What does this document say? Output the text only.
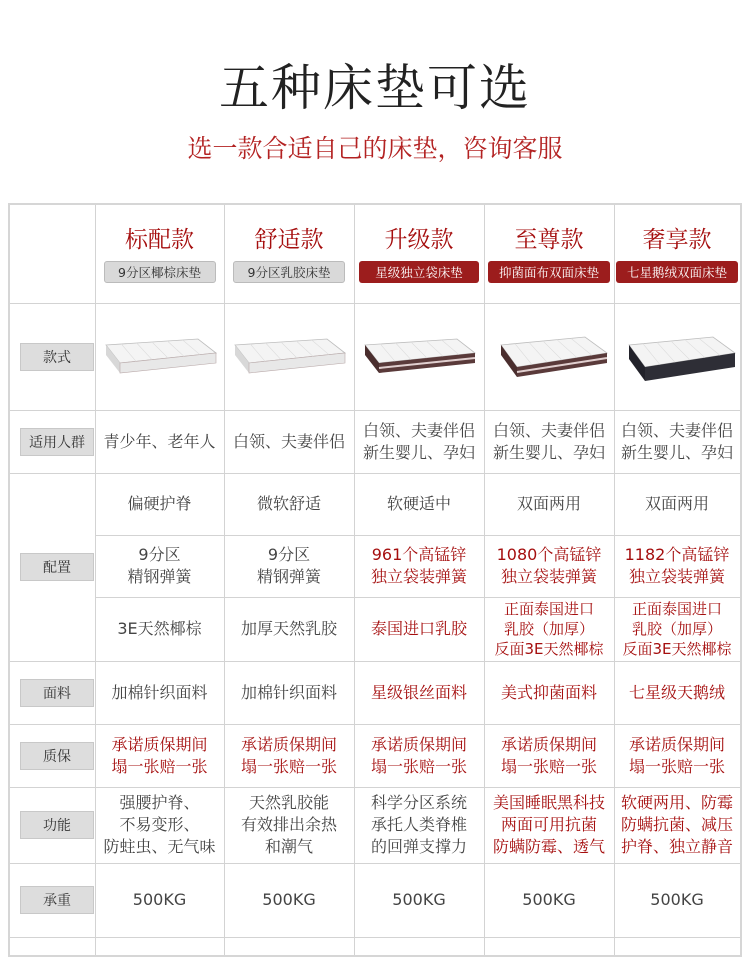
五种床垫可选
选一款合适自己的床垫，咨询客服
款式
适用人群
配置
面料
质保
功能
承重
标配款
9分区椰棕床垫
青少年、老年人
偏硬护脊
9分区
精钢弹簧
3E天然椰棕
加棉针织面料
承诺质保期间
塌一张赔一张
强腰护脊、
不易变形、
防蛀虫、无气味
500KG
舒适款
9分区乳胶床垫
白领、夫妻伴侣
微软舒适
9分区
精钢弹簧
加厚天然乳胶
加棉针织面料
承诺质保期间
塌一张赔一张
天然乳胶能
有效排出余热
和潮气
500KG
升级款
星级独立袋床垫
白领、夫妻伴侣
新生婴儿、孕妇
软硬适中
961个高锰锌
独立袋装弹簧
泰国进口乳胶
星级银丝面料
承诺质保期间
塌一张赔一张
科学分区系统
承托人类脊椎
的回弹支撑力
500KG
至尊款
抑菌面布双面床垫
白领、夫妻伴侣
新生婴儿、孕妇
双面两用
1080个高锰锌
独立袋装弹簧
正面泰国进口
乳胶（加厚）
反面3E天然椰棕
美式抑菌面料
承诺质保期间
塌一张赔一张
美国睡眠黑科技
两面可用抗菌
防螨防霉、透气
500KG
奢享款
七星鹅绒双面床垫
白领、夫妻伴侣
新生婴儿、孕妇
双面两用
1182个高锰锌
独立袋装弹簧
正面泰国进口
乳胶（加厚）
反面3E天然椰棕
七星级天鹅绒
承诺质保期间
塌一张赔一张
软硬两用、防霉
防螨抗菌、减压
护脊、独立静音
500KG
